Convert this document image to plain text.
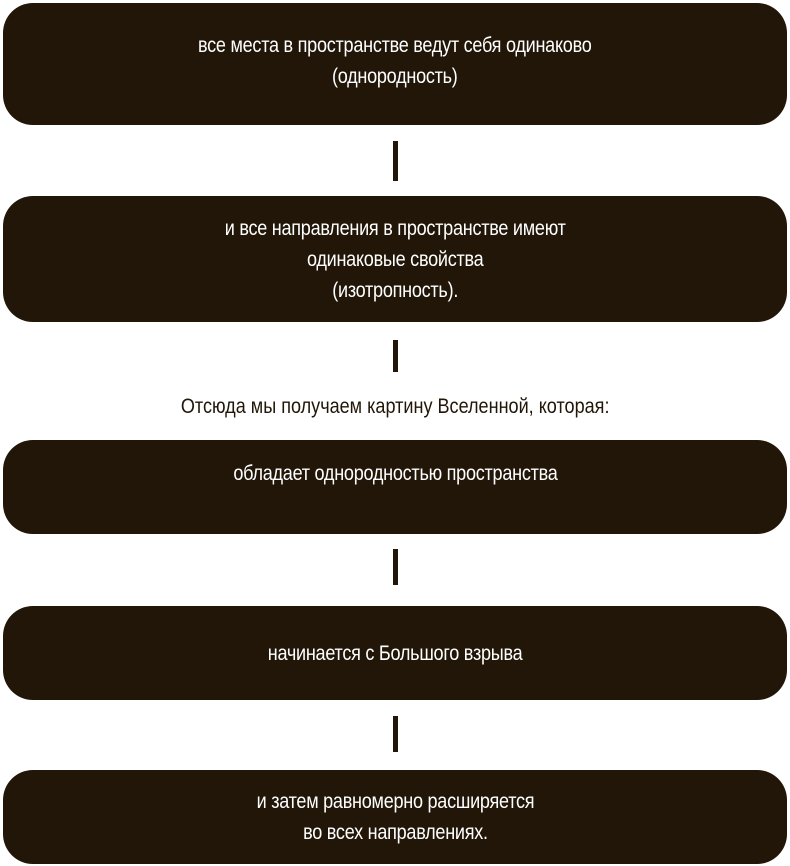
все места в пространстве ведут себя одинаково
(однородность)
и все направления в пространстве имеют
одинаковые свойства
(изотропность).
Отсюда мы получаем картину Вселенной, которая:
обладает однородностью пространства
начинается с Большого взрыва
и затем равномерно расширяется
во всех направлениях.
